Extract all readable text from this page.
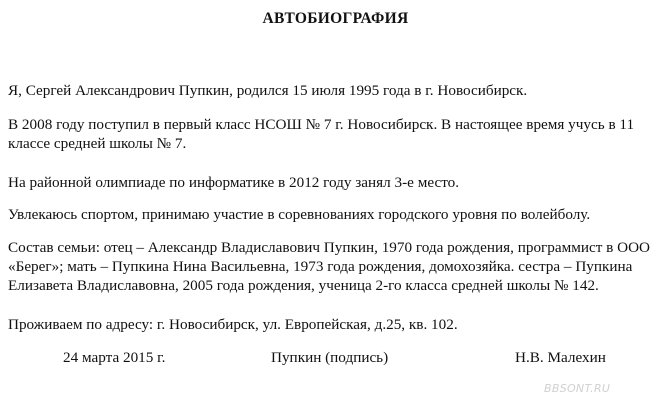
АВТОБИОГРАФИЯ
Я, Сергей Александрович Пупкин, родился 15 июля 1995 года в г. Новосибирск.
В 2008 году поступил в первый класс НСОШ № 7 г. Новосибирск. В настоящее время учусь в 11
классе средней школы № 7.
На районной олимпиаде по информатике в 2012 году занял 3-е место.
Увлекаюсь спортом, принимаю участие в соревнованиях городского уровня по волейболу.
Состав семьи: отец – Александр Владиславович Пупкин, 1970 года рождения, программист в ООО
«Берег»; мать – Пупкина Нина Васильевна, 1973 года рождения, домохозяйка. сестра – Пупкина
Елизавета Владиславовна, 2005 года рождения, ученица 2-го класса средней школы № 142.
Проживаем по адресу: г. Новосибирск, ул. Европейская, д.25, кв. 102.
24 марта 2015 г.	Пупкин (подпись)	Н.В. Малехин
BBSONT.RU
